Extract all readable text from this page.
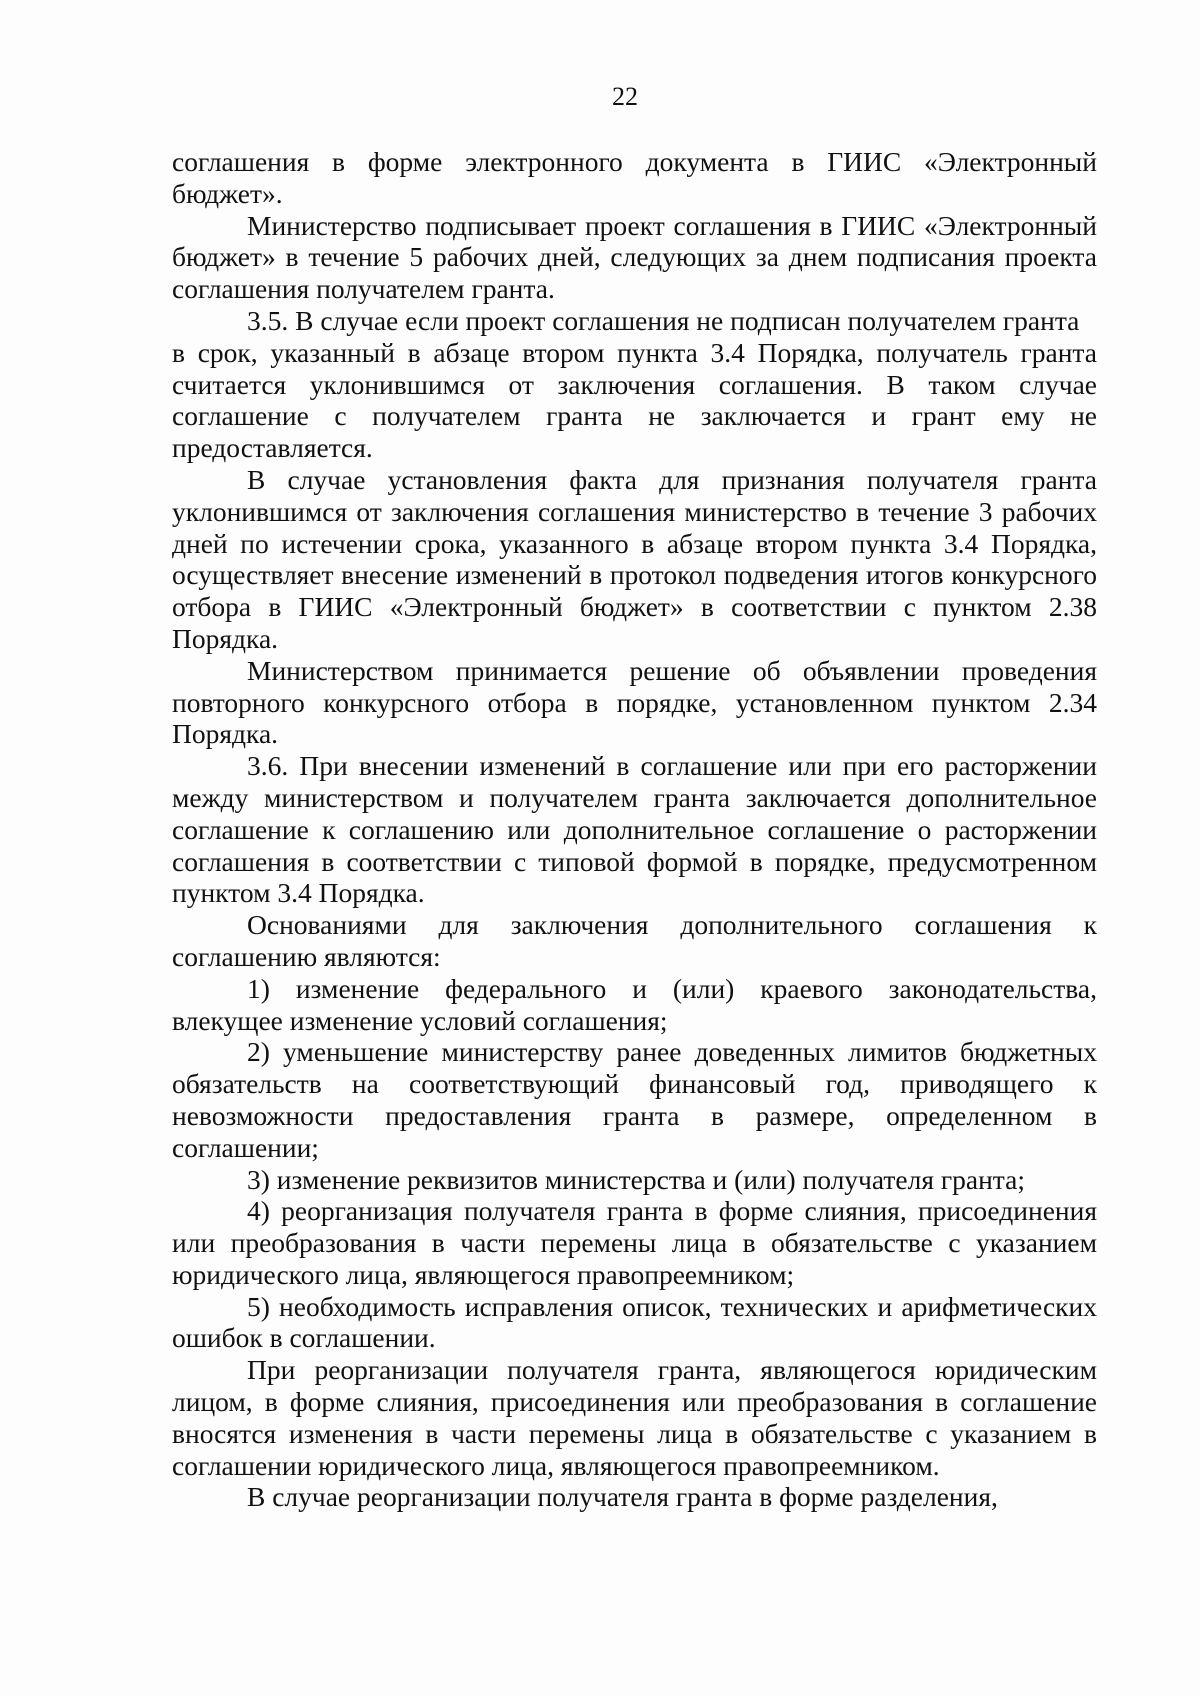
22

соглашения в форме электронного документа в ГИИС «Электронный бюджет».

Министерство подписывает проект соглашения в ГИИС «Электронный бюджет» в течение 5 рабочих дней, следующих за днем подписания проекта соглашения получателем гранта.

3.5. В случае если проект соглашения не подписан получателем гранта

в срок, указанный в абзаце втором пункта 3.4 Порядка, получатель гранта считается уклонившимся от заключения соглашения. В таком случае соглашение с получателем гранта не заключается и грант ему не предоставляется.

В случае установления факта для признания получателя гранта уклонившимся от заключения соглашения министерство в течение 3 рабочих дней по истечении срока, указанного в абзаце втором пункта 3.4 Порядка, осуществляет внесение изменений в протокол подведения итогов конкурсного отбора в ГИИС «Электронный бюджет» в соответствии с пунктом 2.38 Порядка.

Министерством принимается решение об объявлении проведения повторного конкурсного отбора в порядке, установленном пунктом 2.34 Порядка.

3.6. При внесении изменений в соглашение или при его расторжении между министерством и получателем гранта заключается дополнительное соглашение к соглашению или дополнительное соглашение о расторжении соглашения в соответствии с типовой формой в порядке, предусмотренном пунктом 3.4 Порядка.

Основаниями для заключения дополнительного соглашения к соглашению являются:

1) изменение федерального и (или) краевого законодательства, влекущее изменение условий соглашения;

2) уменьшение министерству ранее доведенных лимитов бюджетных обязательств на соответствующий финансовый год, приводящего к невозможности предоставления гранта в размере, определенном в соглашении;

3) изменение реквизитов министерства и (или) получателя гранта;

4) реорганизация получателя гранта в форме слияния, присоединения или преобразования в части перемены лица в обязательстве с указанием юридического лица, являющегося правопреемником;

5) необходимость исправления описок, технических и арифметических ошибок в соглашении.

При реорганизации получателя гранта, являющегося юридическим лицом, в форме слияния, присоединения или преобразования в соглашение вносятся изменения в части перемены лица в обязательстве с указанием в соглашении юридического лица, являющегося правопреемником.

В случае реорганизации получателя гранта в форме разделения,
